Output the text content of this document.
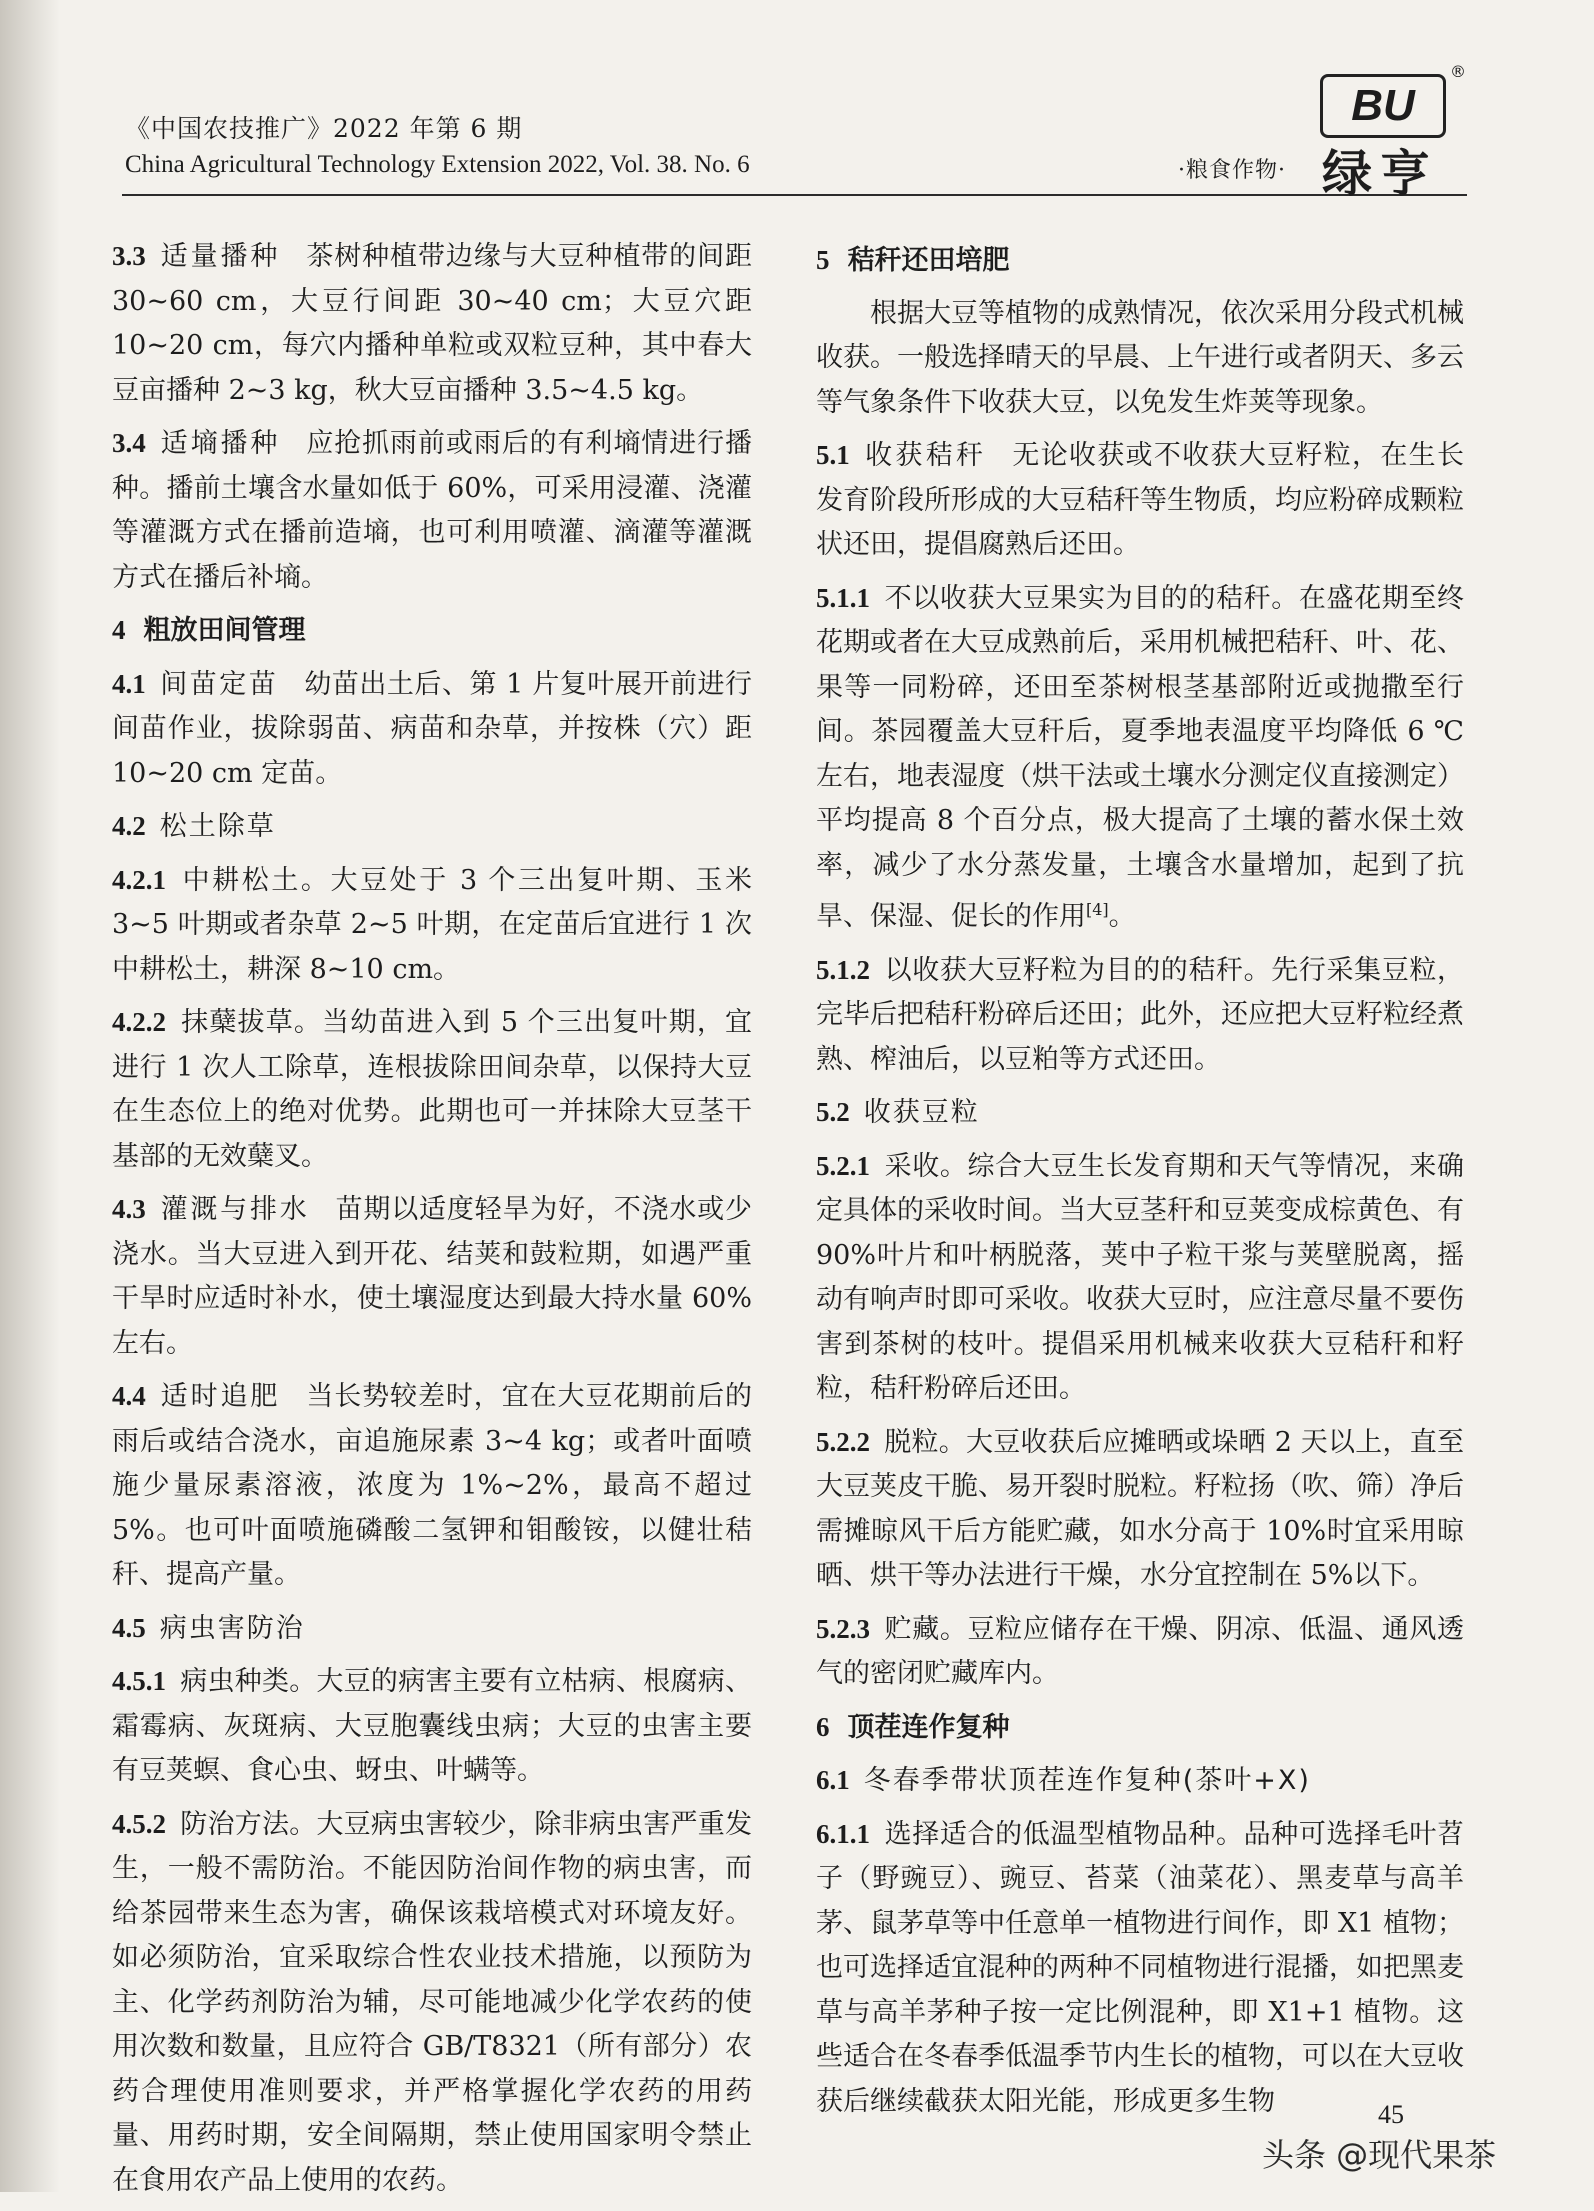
《中国农技推广》2022 年第 6 期
China Agricultural Technology Extension 2022, Vol. 38. No. 6	·粮食作物·
BU
®
绿亨

3.3 适量播种 茶树种植带边缘与大豆种植带的间距 30~60 cm，大豆行间距 30~40 cm；大豆穴距 10~20 cm，每穴内播种单粒或双粒豆种，其中春大豆亩播种 2~3 kg，秋大豆亩播种 3.5~4.5 kg。

3.4 适墒播种 应抢抓雨前或雨后的有利墒情进行播种。播前土壤含水量如低于 60%，可采用浸灌、浇灌等灌溉方式在播前造墒，也可利用喷灌、滴灌等灌溉方式在播后补墒。

4 粗放田间管理

4.1 间苗定苗 幼苗出土后、第 1 片复叶展开前进行间苗作业，拔除弱苗、病苗和杂草，并按株（穴）距 10~20 cm 定苗。

4.2 松土除草

4.2.1 中耕松土。大豆处于 3 个三出复叶期、玉米 3~5 叶期或者杂草 2~5 叶期，在定苗后宜进行 1 次中耕松土，耕深 8~10 cm。

4.2.2 抹蘖拔草。当幼苗进入到 5 个三出复叶期，宜进行 1 次人工除草，连根拔除田间杂草，以保持大豆在生态位上的绝对优势。此期也可一并抹除大豆茎干基部的无效蘖叉。

4.3 灌溉与排水 苗期以适度轻旱为好，不浇水或少浇水。当大豆进入到开花、结荚和鼓粒期，如遇严重干旱时应适时补水，使土壤湿度达到最大持水量 60%左右。

4.4 适时追肥 当长势较差时，宜在大豆花期前后的雨后或结合浇水，亩追施尿素 3~4 kg；或者叶面喷施少量尿素溶液，浓度为 1%~2%，最高不超过 5%。也可叶面喷施磷酸二氢钾和钼酸铵，以健壮秸秆、提高产量。

4.5 病虫害防治

4.5.1 病虫种类。大豆的病害主要有立枯病、根腐病、霜霉病、灰斑病、大豆胞囊线虫病；大豆的虫害主要有豆荚螟、食心虫、蚜虫、叶螨等。

4.5.2 防治方法。大豆病虫害较少，除非病虫害严重发生，一般不需防治。不能因防治间作物的病虫害，而给茶园带来生态为害，确保该栽培模式对环境友好。如必须防治，宜采取综合性农业技术措施，以预防为主、化学药剂防治为辅，尽可能地减少化学农药的使用次数和数量，且应符合 GB/T8321（所有部分）农药合理使用准则要求，并严格掌握化学农药的用药量、用药时期，安全间隔期，禁止使用国家明令禁止在食用农产品上使用的农药。

5 秸秆还田培肥

根据大豆等植物的成熟情况，依次采用分段式机械收获。一般选择晴天的早晨、上午进行或者阴天、多云等气象条件下收获大豆，以免发生炸荚等现象。

5.1 收获秸秆 无论收获或不收获大豆籽粒，在生长发育阶段所形成的大豆秸秆等生物质，均应粉碎成颗粒状还田，提倡腐熟后还田。

5.1.1 不以收获大豆果实为目的的秸秆。在盛花期至终花期或者在大豆成熟前后，采用机械把秸秆、叶、花、果等一同粉碎，还田至茶树根茎基部附近或抛撒至行间。茶园覆盖大豆秆后，夏季地表温度平均降低 6 ℃左右，地表湿度（烘干法或土壤水分测定仪直接测定）平均提高 8 个百分点，极大提高了土壤的蓄水保土效率，减少了水分蒸发量，土壤含水量增加，起到了抗旱、保湿、促长的作用[4]。

5.1.2 以收获大豆籽粒为目的的秸秆。先行采集豆粒，完毕后把秸秆粉碎后还田；此外，还应把大豆籽粒经煮熟、榨油后，以豆粕等方式还田。

5.2 收获豆粒

5.2.1 采收。综合大豆生长发育期和天气等情况，来确定具体的采收时间。当大豆茎秆和豆荚变成棕黄色、有 90%叶片和叶柄脱落，荚中子粒干浆与荚壁脱离，摇动有响声时即可采收。收获大豆时，应注意尽量不要伤害到茶树的枝叶。提倡采用机械来收获大豆秸秆和籽粒，秸秆粉碎后还田。

5.2.2 脱粒。大豆收获后应摊晒或垛晒 2 天以上，直至大豆荚皮干脆、易开裂时脱粒。籽粒扬（吹、筛）净后需摊晾风干后方能贮藏，如水分高于 10%时宜采用晾晒、烘干等办法进行干燥，水分宜控制在 5%以下。

5.2.3 贮藏。豆粒应储存在干燥、阴凉、低温、通风透气的密闭贮藏库内。

6 顶茬连作复种
6.1 冬春季带状顶茬连作复种(茶叶+X)

6.1.1 选择适合的低温型植物品种。品种可选择毛叶苕子（野豌豆）、豌豆、苔菜（油菜花）、黑麦草与高羊茅、鼠茅草等中任意单一植物进行间作，即 X1 植物；也可选择适宜混种的两种不同植物进行混播，如把黑麦草与高羊茅种子按一定比例混种，即 X1+1 植物。这些适合在冬春季低温季节内生长的植物，可以在大豆收获后继续截获太阳光能，形成更多生物	45
头条 @现代果茶
